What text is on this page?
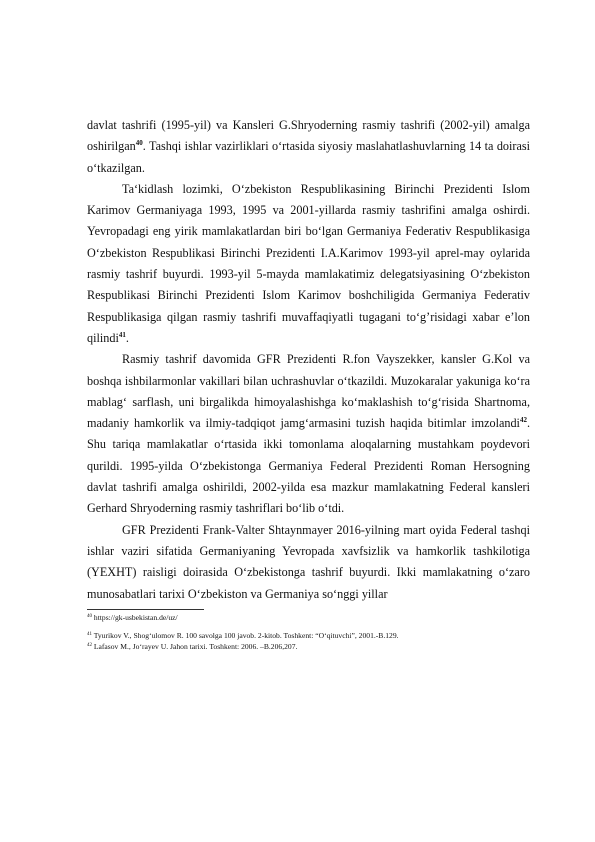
davlat tashrifi (1995-yil) va Kansleri G.Shryoderning rasmiy tashrifi (2002-yil) amalga oshirilgan$^{40}$. Tashqi ishlar vazirliklari o‘rtasida siyosiy maslahatlashuvlarning 14 ta doirasi o‘tkazilgan.

Ta‘kidlash lozimki, O‘zbekiston Respublikasining Birinchi Prezidenti Islom Karimov Germaniyaga 1993, 1995 va 2001-yillarda rasmiy tashrifini amalga oshirdi. Yevropadagi eng yirik mamlakatlardan biri bo‘lgan Germaniya Federativ Respublikasiga O‘zbekiston Respublikasi Birinchi Prezidenti I.A.Karimov 1993-yil aprel-may oylarida rasmiy tashrif buyurdi. 1993-yil 5-mayda mamlakatimiz delegatsiyasining O‘zbekiston Respublikasi Birinchi Prezidenti Islom Karimov boshchiligida Germaniya Federativ Respublikasiga qilgan rasmiy tashrifi muvaffaqiyatli tugagani to‘g’risidagi xabar e’lon qilindi$^{41}$.

Rasmiy tashrif davomida GFR Prezidenti R.fon Vayszekker, kansler G.Kol va boshqa ishbilarmonlar vakillari bilan uchrashuvlar o‘tkazildi. Muzokaralar yakuniga ko‘ra mablag‘ sarflash, uni birgalikda himoyalashishga ko‘maklashish to‘g‘risida Shartnoma, madaniy hamkorlik va ilmiy-tadqiqot jamg‘armasini tuzish haqida bitimlar imzolandi$^{42}$. Shu tariqa mamlakatlar o‘rtasida ikki tomonlama aloqalarning mustahkam poydevori qurildi. 1995-yilda O‘zbekistonga Germaniya Federal Prezidenti Roman Hersogning davlat tashrifi amalga oshirildi, 2002-yilda esa mazkur mamlakatning Federal kansleri Gerhard Shryoderning rasmiy tashriflari bo‘lib o‘tdi.

GFR Prezidenti Frank-Valter Shtaynmayer 2016-yilning mart oyida Federal tashqi ishlar vaziri sifatida Germaniyaning Yevropada xavfsizlik va hamkorlik tashkilotiga (YEXHT) raisligi doirasida O‘zbekistonga tashrif buyurdi. Ikki mamlakatning o‘zaro munosabatlari tarixi O‘zbekiston va Germaniya so‘nggi yillar

$^{40}$ https://gk-usbekistan.de/uz/

$^{41}$ Tyurikov V., Shog‘ulomov R. 100 savolga 100 javob. 2-kitob. Toshkent: “O‘qituvchi”, 2001.-B.129.

$^{42}$ Lafasov M., Jo‘rayev U. Jahon tarixi. Toshkent: 2006. –B.206,207.
